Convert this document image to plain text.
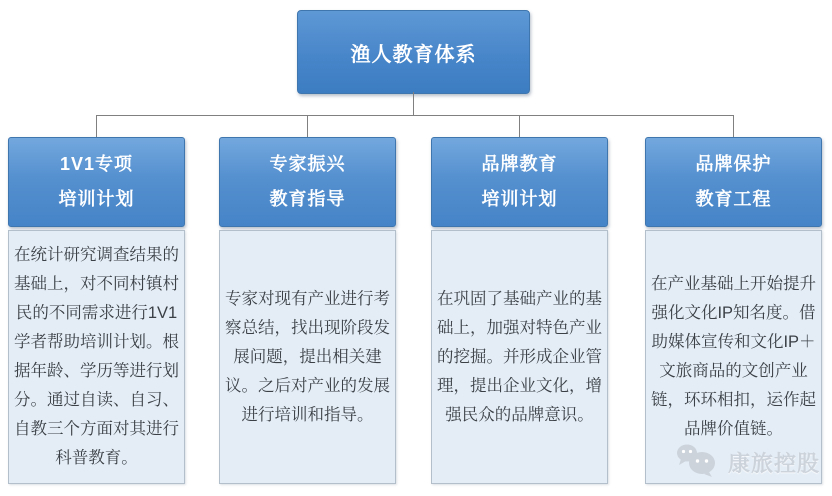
渔人教育体系
1V1专项
培训计划

在统计研究调查结果的基础上，对不同村镇村民的不同需求进行1V1学者帮助培训计划。根据年龄、学历等进行划分。通过自读、自习、自教三个方面对其进行科普教育。

专家振兴
教育指导

专家对现有产业进行考察总结，找出现阶段发展问题，提出相关建议。之后对产业的发展进行培训和指导。

品牌教育
培训计划

在巩固了基础产业的基础上，加强对特色产业的挖掘。并形成企业管理，提出企业文化，增强民众的品牌意识。

品牌保护
教育工程

在产业基础上开始提升强化文化IP知名度。借助媒体宣传和文化IP＋文旅商品的文创产业链，环环相扣，运作起品牌价值链。

康旅控股
